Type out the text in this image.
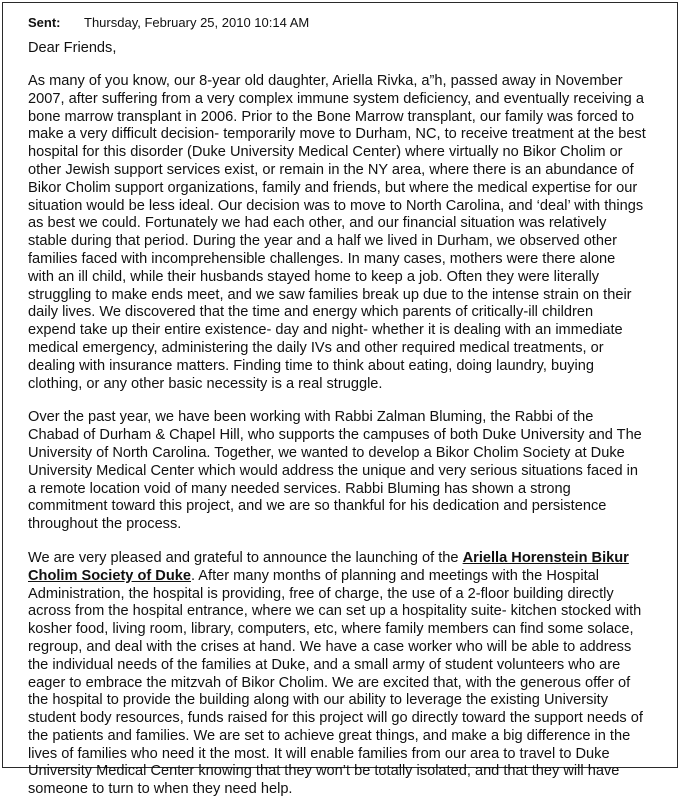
Sent: Thursday, February 25, 2010 10:14 AM
Dear Friends,
As many of you know, our 8-year old daughter, Ariella Rivka, a”h, passed away in November
2007, after suffering from a very complex immune system deficiency, and eventually receiving a
bone marrow transplant in 2006. Prior to the Bone Marrow transplant, our family was forced to
make a very difficult decision- temporarily move to Durham, NC, to receive treatment at the best
hospital for this disorder (Duke University Medical Center) where virtually no Bikor Cholim or
other Jewish support services exist, or remain in the NY area, where there is an abundance of
Bikor Cholim support organizations, family and friends, but where the medical expertise for our
situation would be less ideal. Our decision was to move to North Carolina, and ‘deal’ with things
as best we could. Fortunately we had each other, and our financial situation was relatively
stable during that period. During the year and a half we lived in Durham, we observed other
families faced with incomprehensible challenges. In many cases, mothers were there alone
with an ill child, while their husbands stayed home to keep a job. Often they were literally
struggling to make ends meet, and we saw families break up due to the intense strain on their
daily lives. We discovered that the time and energy which parents of critically-ill children
expend take up their entire existence- day and night- whether it is dealing with an immediate
medical emergency, administering the daily IVs and other required medical treatments, or
dealing with insurance matters. Finding time to think about eating, doing laundry, buying
clothing, or any other basic necessity is a real struggle.
Over the past year, we have been working with Rabbi Zalman Bluming, the Rabbi of the
Chabad of Durham & Chapel Hill, who supports the campuses of both Duke University and The
University of North Carolina. Together, we wanted to develop a Bikor Cholim Society at Duke
University Medical Center which would address the unique and very serious situations faced in
a remote location void of many needed services. Rabbi Bluming has shown a strong
commitment toward this project, and we are so thankful for his dedication and persistence
throughout the process.
We are very pleased and grateful to announce the launching of the Ariella Horenstein Bikur
Cholim Society of Duke. After many months of planning and meetings with the Hospital
Administration, the hospital is providing, free of charge, the use of a 2-floor building directly
across from the hospital entrance, where we can set up a hospitality suite- kitchen stocked with
kosher food, living room, library, computers, etc, where family members can find some solace,
regroup, and deal with the crises at hand. We have a case worker who will be able to address
the individual needs of the families at Duke, and a small army of student volunteers who are
eager to embrace the mitzvah of Bikor Cholim. We are excited that, with the generous offer of
the hospital to provide the building along with our ability to leverage the existing University
student body resources, funds raised for this project will go directly toward the support needs of
the patients and families. We are set to achieve great things, and make a big difference in the
lives of families who need it the most. It will enable families from our area to travel to Duke
University Medical Center knowing that they won’t be totally isolated, and that they will have
someone to turn to when they need help.
